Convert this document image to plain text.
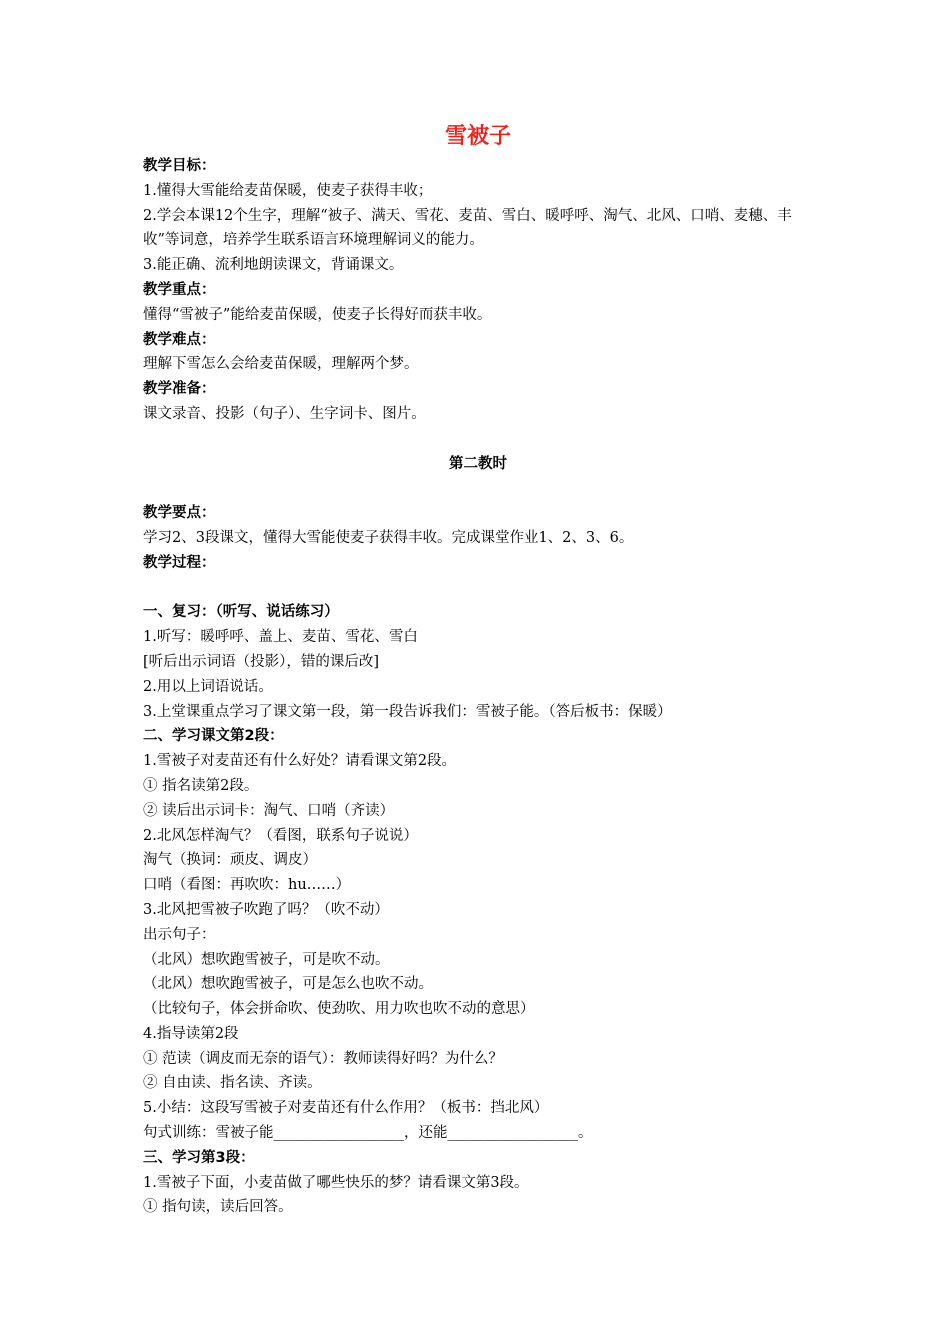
雪被子
教学目标：
1.懂得大雪能给麦苗保暖，使麦子获得丰收；
2.学会本课12个生字，理解“被子、满天、雪花、麦苗、雪白、暖呼呼、淘气、北风、口哨、麦穗、丰收”等词意，培养学生联系语言环境理解词义的能力。
3.能正确、流利地朗读课文，背诵课文。
教学重点：
懂得“雪被子”能给麦苗保暖，使麦子长得好而获丰收。
教学难点：
理解下雪怎么会给麦苗保暖，理解两个梦。
教学准备：
课文录音、投影（句子）、生字词卡、图片。
第二教时
教学要点：
学习2、3段课文，懂得大雪能使麦子获得丰收。完成课堂作业1、2、3、6。
教学过程：
一、复习：（听写、说话练习）
1.听写：暖呼呼、盖上、麦苗、雪花、雪白
[听后出示词语（投影），错的课后改]
2.用以上词语说话。
3.上堂课重点学习了课文第一段，第一段告诉我们：雪被子能。（答后板书：保暖）
二、学习课文第2段：
1.雪被子对麦苗还有什么好处？请看课文第2段。
① 指名读第2段。
② 读后出示词卡：淘气、口哨（齐读）
2.北风怎样淘气？（看图，联系句子说说）
淘气（换词：顽皮、调皮）
口哨（看图：再吹吹：hu……）
3.北风把雪被子吹跑了吗？（吹不动）
出示句子：
（北风）想吹跑雪被子，可是吹不动。
（北风）想吹跑雪被子，可是怎么也吹不动。
（比较句子，体会拼命吹、使劲吹、用力吹也吹不动的意思）
4.指导读第2段
① 范读（调皮而无奈的语气）：教师读得好吗？为什么？
② 自由读、指名读、齐读。
5.小结：这段写雪被子对麦苗还有什么作用？（板书：挡北风）
句式训练：雪被子能__________________，还能__________________。
三、学习第3段：
1.雪被子下面，小麦苗做了哪些快乐的梦？请看课文第3段。
① 指句读，读后回答。
